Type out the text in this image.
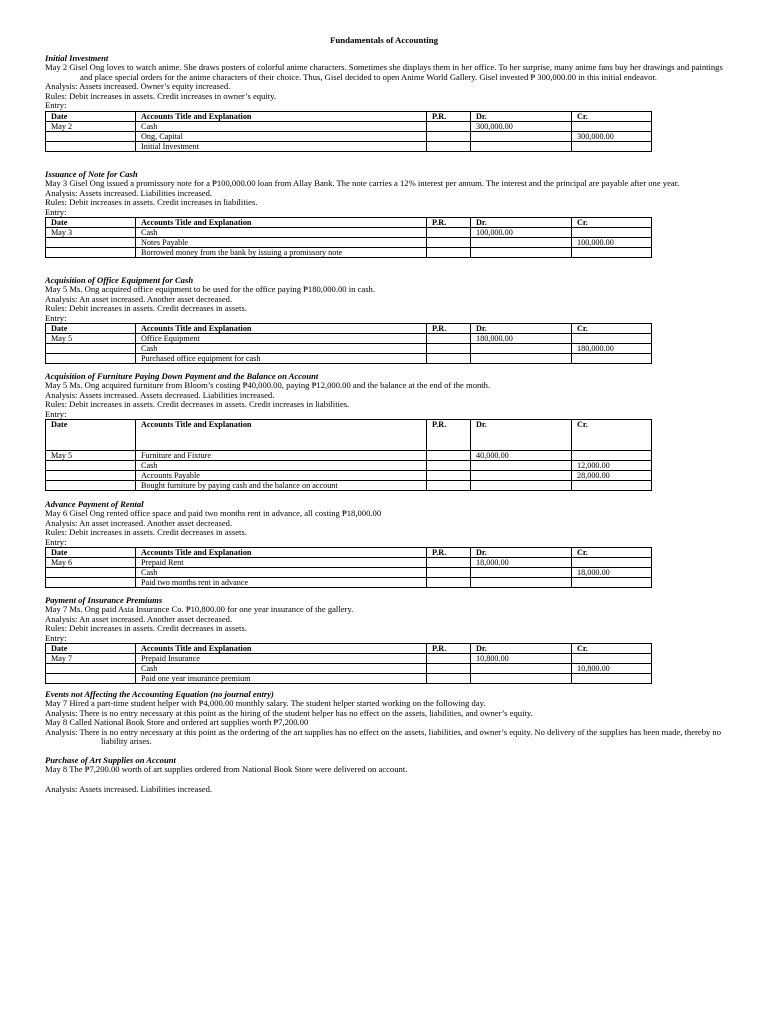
Fundamentals of Accounting

Initial Investment

May 2 Gisel Ong loves to watch anime. She draws posters of colorful anime characters. Sometimes she displays them in her office. To her surprise, many anime fans buy her drawings and paintings and place special orders for the anime characters of their choice. Thus, Gisel decided to open Anime World Gallery. Gisel invested ₱ 300,000.00 in this initial endeavor.

Analysis: Assets increased. Owner’s equity increased.

Rules: Debit increases in assets. Credit increases in owner’s equity.

Entry:

Date	Accounts Title and Explanation	P.R.	Dr.	Cr.
May 2	Cash		300,000.00	
	Ong, Capital			300,000.00
	Initial Investment			

Issuance of Note for Cash

May 3 Gisel Ong issued a promissory note for a ₱100,000.00 loan from Allay Bank. The note carries a 12% interest per annum. The interest and the principal are payable after one year.

Analysis: Assets increased. Liabilities increased.

Rules: Debit increases in assets. Credit increases in liabilities.

Entry:

Date	Accounts Title and Explanation	P.R.	Dr.	Cr.
May 3	Cash		100,000.00	
	Notes Payable			100,000.00
	Borrowed money from the bank by issuing a promissory note			

Acquisition of Office Equipment for Cash

May 5 Ms. Ong acquired office equipment to be used for the office paying ₱180,000.00 in cash.

Analysis: An asset increased. Another asset decreased.

Rules: Debit increases in assets. Credit decreases in assets.

Entry:

Date	Accounts Title and Explanation	P.R.	Dr.	Cr.
May 5	Office Equipment		180,000.00	
	Cash			180,000.00
	Purchased office equipment for cash			

Acquisition of Furniture Paying Down Payment and the Balance on Account

May 5 Ms. Ong acquired furniture from Bloom’s costing ₱40,000.00, paying ₱12,000.00 and the balance at the end of the month.

Analysis: Assets increased. Assets decreased. Liabilities increased.

Rules: Debit increases in assets. Credit decreases in assets. Credit increases in liabilities.

Entry:

Date	Accounts Title and Explanation	P.R.	Dr.	Cr.
May 5	Furniture and Fixture		40,000.00	
	Cash			12,000.00
	Accounts Payable			28,000.00
	Bought furniture by paying cash and the balance on account			

Advance Payment of Rental

May 6 Gisel Ong rented office space and paid two months rent in advance, all costing ₱18,000.00

Analysis: An asset increased. Another asset decreased.

Rules: Debit increases in assets. Credit decreases in assets.

Entry:

Date	Accounts Title and Explanation	P.R.	Dr.	Cr.
May 6	Prepaid Rent		18,000.00	
	Cash			18,000.00
	Paid two months rent in advance			

Payment of Insurance Premiums

May 7 Ms. Ong paid Asia Insurance Co. ₱10,800.00 for one year insurance of the gallery.

Analysis: An asset increased. Another asset decreased.

Rules: Debit increases in assets. Credit decreases in assets.

Entry:

Date	Accounts Title and Explanation	P.R.	Dr.	Cr.
May 7	Prepaid Insurance		10,800.00	
	Cash			10,800.00
	Paid one year insurance premium			

Events not Affecting the Accounting Equation (no journal entry)

May 7 Hired a part-time student helper with ₱4,000.00 monthly salary. The student helper started working on the following day.

Analysis: There is no entry necessary at this point as the hiring of the student helper has no effect on the assets, liabilities, and owner’s equity.

May 8 Called National Book Store and ordered art supplies worth ₱7,200.00

Analysis: There is no entry necessary at this point as the ordering of the art supplies has no effect on the assets, liabilities, and owner’s equity. No delivery of the supplies has been made, thereby no liability arises.

Purchase of Art Supplies on Account

May 8 The ₱7,200.00 worth of art supplies ordered from National Book Store were delivered on account.

Analysis: Assets increased. Liabilities increased.
